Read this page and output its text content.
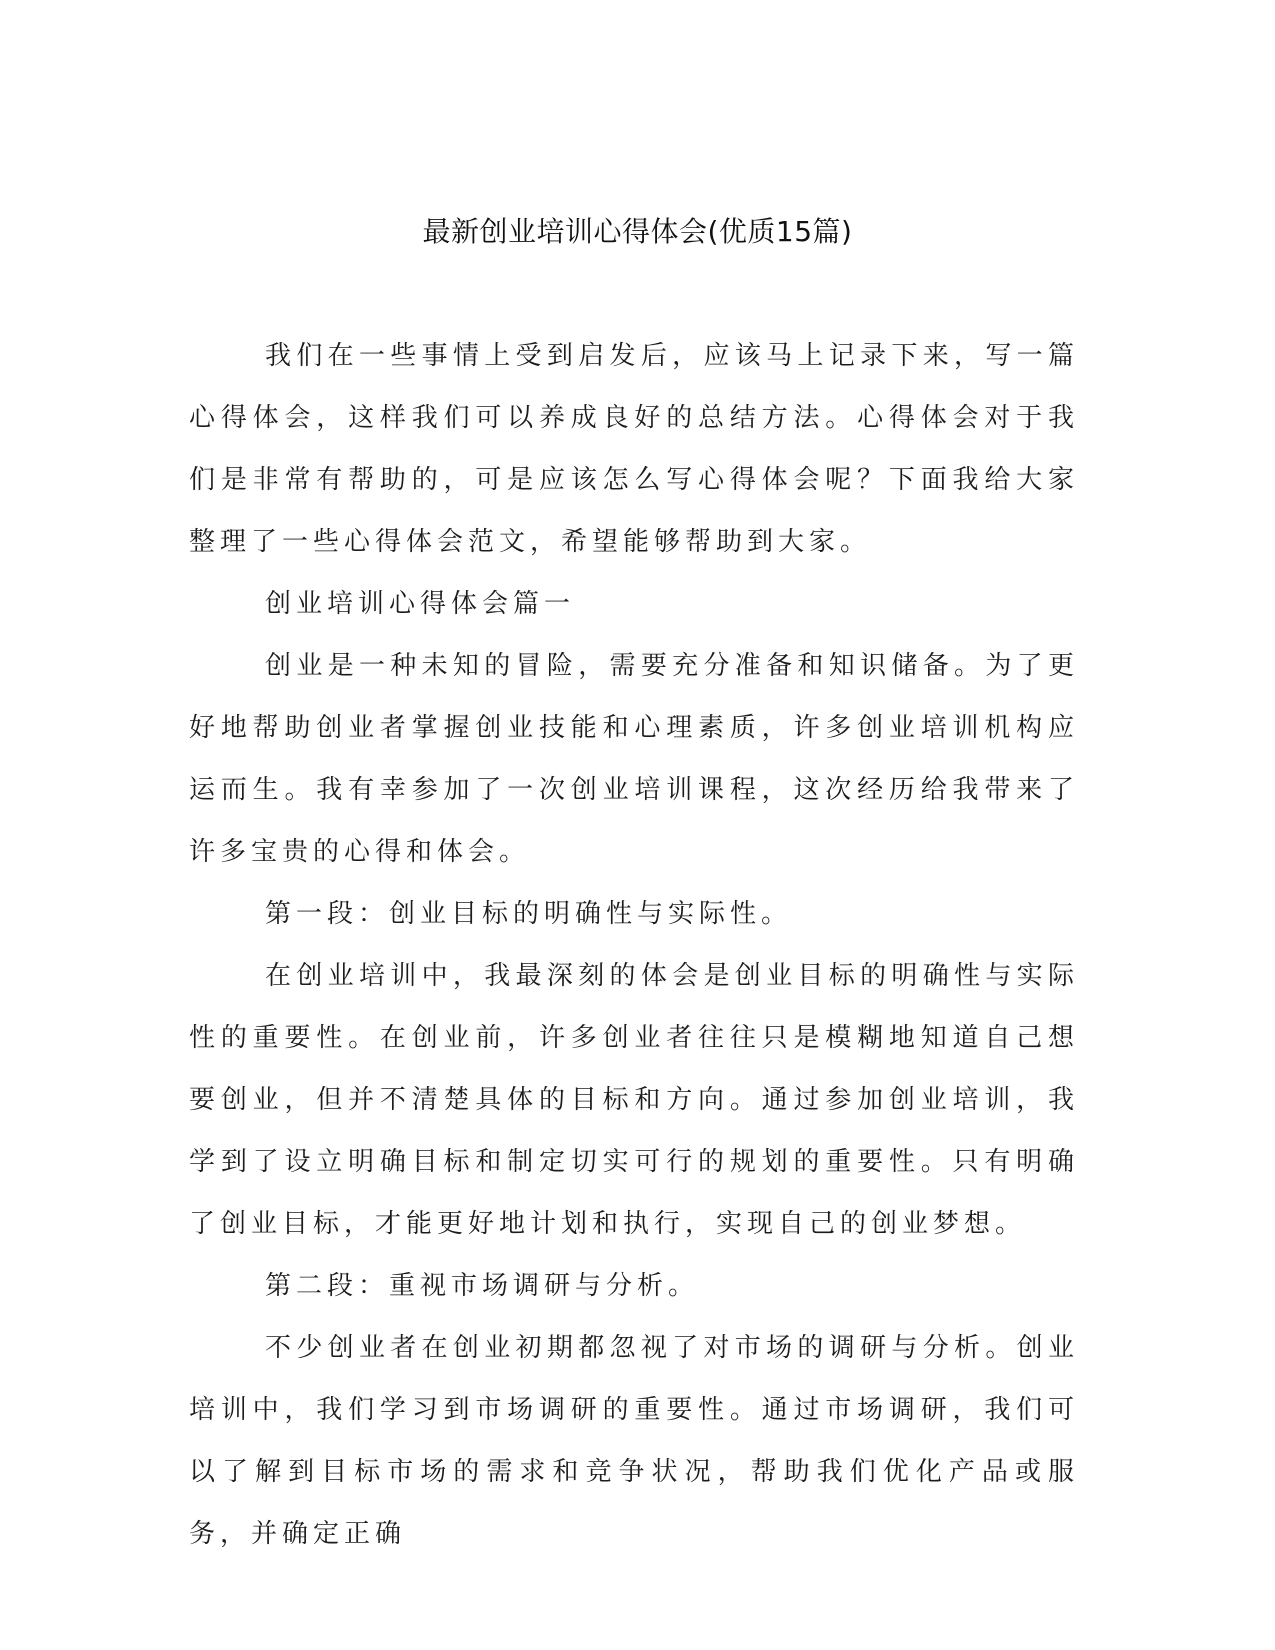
最新创业培训心得体会(优质15篇)

我们在一些事情上受到启发后，应该马上记录下来，写一篇心得体会，这样我们可以养成良好的总结方法。心得体会对于我们是非常有帮助的，可是应该怎么写心得体会呢？下面我给大家整理了一些心得体会范文，希望能够帮助到大家。

创业培训心得体会篇一

创业是一种未知的冒险，需要充分准备和知识储备。为了更好地帮助创业者掌握创业技能和心理素质，许多创业培训机构应运而生。我有幸参加了一次创业培训课程，这次经历给我带来了许多宝贵的心得和体会。

第一段：创业目标的明确性与实际性。

在创业培训中，我最深刻的体会是创业目标的明确性与实际性的重要性。在创业前，许多创业者往往只是模糊地知道自己想要创业，但并不清楚具体的目标和方向。通过参加创业培训，我学到了设立明确目标和制定切实可行的规划的重要性。只有明确了创业目标，才能更好地计划和执行，实现自己的创业梦想。

第二段：重视市场调研与分析。

不少创业者在创业初期都忽视了对市场的调研与分析。创业培训中，我们学习到市场调研的重要性。通过市场调研，我们可以了解到目标市场的需求和竞争状况，帮助我们优化产品或服务，并确定正确
